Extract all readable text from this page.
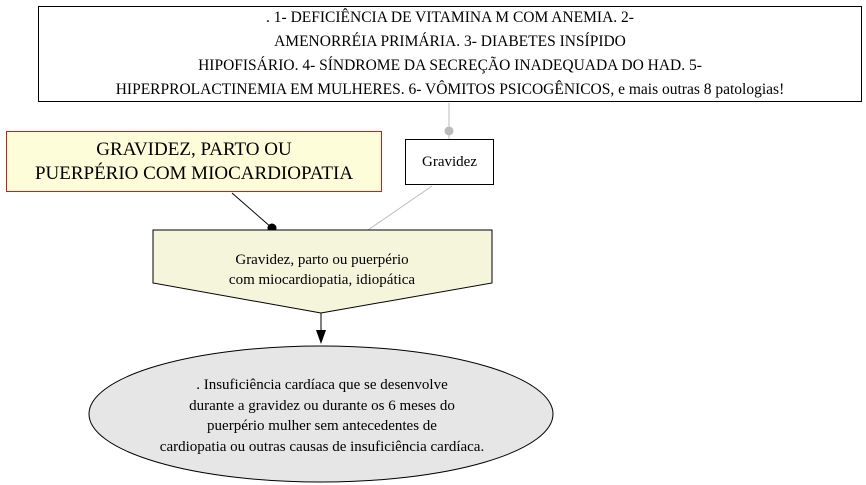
. 1- DEFICIÊNCIA DE VITAMINA M COM ANEMIA. 2-
AMENORRÉIA PRIMÁRIA. 3- DIABETES INSÍPIDO
HIPOFISÁRIO. 4- SÍNDROME DA SECREÇÃO INADEQUADA DO HAD. 5-
HIPERPROLACTINEMIA EM MULHERES. 6- VÔMITOS PSICOGÊNICOS, e mais outras 8 patologias!
GRAVIDEZ, PARTO OU
PUERPÉRIO COM MIOCARDIOPATIA
Gravidez
Gravidez, parto ou puerpério
com miocardiopatia, idiopática
. Insuficiência cardíaca que se desenvolve
durante a gravidez ou durante os 6 meses do
puerpério mulher sem antecedentes de
cardiopatia ou outras causas de insuficiência cardíaca.
